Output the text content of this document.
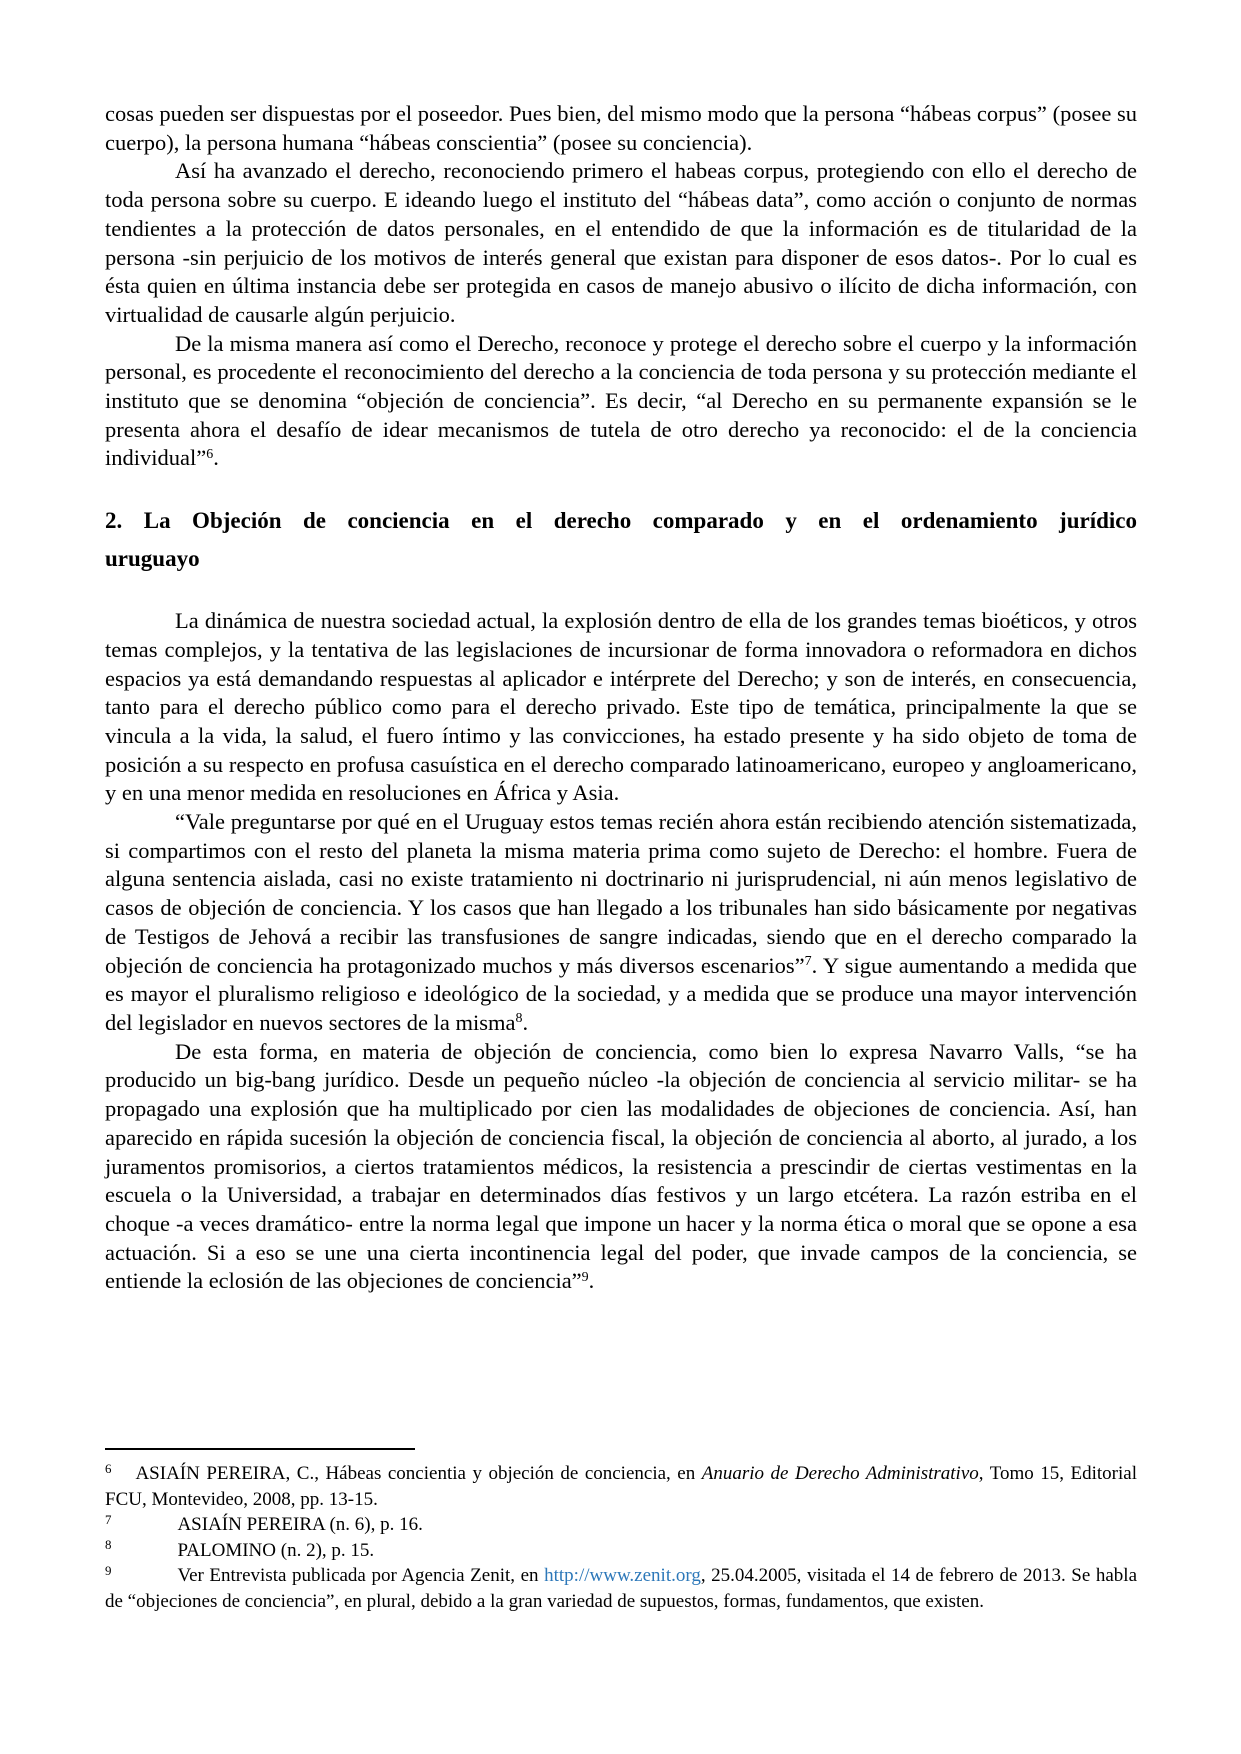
cosas pueden ser dispuestas por el poseedor. Pues bien, del mismo modo que la persona “hábeas corpus” (posee su cuerpo), la persona humana “hábeas conscientia” (posee su conciencia).

Así ha avanzado el derecho, reconociendo primero el habeas corpus, protegiendo con ello el derecho de toda persona sobre su cuerpo. E ideando luego el instituto del “hábeas data”, como acción o conjunto de normas tendientes a la protección de datos personales, en el entendido de que la información es de titularidad de la persona -sin perjuicio de los motivos de interés general que existan para disponer de esos datos-. Por lo cual es ésta quien en última instancia debe ser protegida en casos de manejo abusivo o ilícito de dicha información, con virtualidad de causarle algún perjuicio.

De la misma manera así como el Derecho, reconoce y protege el derecho sobre el cuerpo y la información personal, es procedente el reconocimiento del derecho a la conciencia de toda persona y su protección mediante el instituto que se denomina “objeción de conciencia”. Es decir, “al Derecho en su permanente expansión se le presenta ahora el desafío de idear mecanismos de tutela de otro derecho ya reconocido: el de la conciencia individual”$^6$.

2. La Objeción de conciencia en el derecho comparado y en el ordenamiento jurídico
uruguayo

La dinámica de nuestra sociedad actual, la explosión dentro de ella de los grandes temas bioéticos, y otros temas complejos, y la tentativa de las legislaciones de incursionar de forma innovadora o reformadora en dichos espacios ya está demandando respuestas al aplicador e intérprete del Derecho; y son de interés, en consecuencia, tanto para el derecho público como para el derecho privado. Este tipo de temática, principalmente la que se vincula a la vida, la salud, el fuero íntimo y las convicciones, ha estado presente y ha sido objeto de toma de posición a su respecto en profusa casuística en el derecho comparado latinoamericano, europeo y angloamericano, y en una menor medida en resoluciones en África y Asia.

“Vale preguntarse por qué en el Uruguay estos temas recién ahora están recibiendo atención sistematizada, si compartimos con el resto del planeta la misma materia prima como sujeto de Derecho: el hombre. Fuera de alguna sentencia aislada, casi no existe tratamiento ni doctrinario ni jurisprudencial, ni aún menos legislativo de casos de objeción de conciencia. Y los casos que han llegado a los tribunales han sido básicamente por negativas de Testigos de Jehová a recibir las transfusiones de sangre indicadas, siendo que en el derecho comparado la objeción de conciencia ha protagonizado muchos y más diversos escenarios”$^7$. Y sigue aumentando a medida que es mayor el pluralismo religioso e ideológico de la sociedad, y a medida que se produce una mayor intervención del legislador en nuevos sectores de la misma$^8$.

De esta forma, en materia de objeción de conciencia, como bien lo expresa Navarro Valls, “se ha producido un big-bang jurídico. Desde un pequeño núcleo -la objeción de conciencia al servicio militar- se ha propagado una explosión que ha multiplicado por cien las modalidades de objeciones de conciencia. Así, han aparecido en rápida sucesión la objeción de conciencia fiscal, la objeción de conciencia al aborto, al jurado, a los juramentos promisorios, a ciertos tratamientos médicos, la resistencia a prescindir de ciertas vestimentas en la escuela o la Universidad, a trabajar en determinados días festivos y un largo etcétera. La razón estriba en el choque -a veces dramático- entre la norma legal que impone un hacer y la norma ética o moral que se opone a esa actuación. Si a eso se une una cierta incontinencia legal del poder, que invade campos de la conciencia, se entiende la eclosión de las objeciones de conciencia”$^9$.

$^6$ ASIAÍN PEREIRA, C., Hábeas concientia y objeción de conciencia, en Anuario de Derecho Administrativo, Tomo 15, Editorial FCU, Montevideo, 2008, pp. 13-15.
$^7$	ASIAÍN PEREIRA (n. 6), p. 16.
$^8$	PALOMINO (n. 2), p. 15.
$^9$	Ver Entrevista publicada por Agencia Zenit, en http://www.zenit.org, 25.04.2005, visitada el 14 de febrero de 2013. Se habla de “objeciones de conciencia”, en plural, debido a la gran variedad de supuestos, formas, fundamentos, que existen.
